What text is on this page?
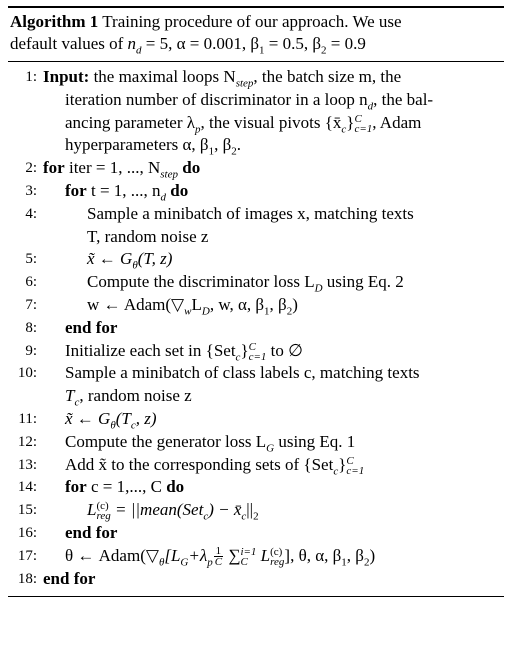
Algorithm 1 Training procedure of our approach. We use
default values of $n_d = 5$, α = 0.001, $\beta_1 = 0.5$, $\beta_2 = 0.9$
1: Input: the maximal loops $N_{step}$, the batch size m, the
iteration number of discriminator in a loop $n_d$, the bal-
ancing parameter $\lambda_p$, the visual pivots $\{x̄_c\}$ C
c=1 , Adam
hyperparameters α, $\beta_1$, $\beta_2$.
2: for iter = 1, ..., $N_{step}$ do
3:	for t = 1, ..., $n_d$ do
4:	Sample a minibatch of images x, matching texts
T, random noise z
5:	x̃ ← $G_\theta(T$, z)
6:	Compute the discriminator loss $L_D$ using Eq. 2
7:	w ← $Adam(▽_wL_D$, w, α, $\beta_1$, $\beta_2$)
8:	end for
9:	Initialize each set in {Set$_c$} C
c=1 to ∅
10:	Sample a minibatch of class labels c, matching texts
$T_c$, random noise z
11:	x̃ ← $G_\theta(T_c$, z)
12:	Compute the generator loss $L_G$ using Eq. 1
13:	Add x̃ to the corresponding sets of {Set$_c$} C
c=1
14:	for c = 1,..., C do
15:	L (c)
reg = ||mean(Set$_c$) − $x̄_c||_2$
16:	end for
17:	θ ← $Adam(▽_\theta[L_G+\lambda_p \frac{1}{C}$ ∑ i=1
C L (c)
reg ], θ, α, $\beta_1$, $\beta_2$)
18: end for
